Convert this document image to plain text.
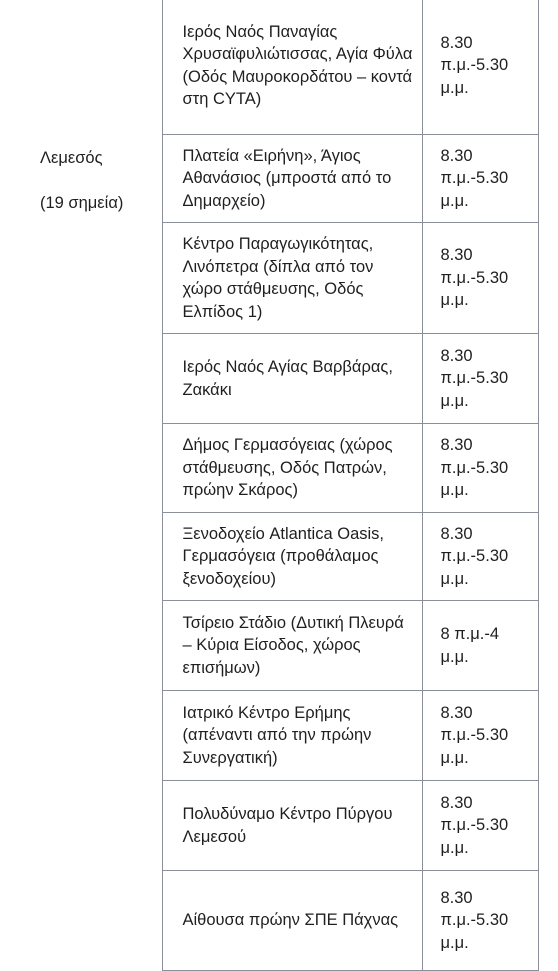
Λεμεσός
(19 σημεία)	Ιερός Ναός Παναγίας Χρυσαϊφυλιώτισσας, Αγία Φύλα (Οδός Μαυροκορδάτου – κοντά στη CYTA)	8.30 π.μ.-5.30 μ.μ.	

	Πλατεία «Ειρήνη», Άγιος Αθανάσιος (μπροστά από το Δημαρχείο)	8.30 π.μ.-5.30 μ.μ.	

	Κέντρο Παραγωγικότητας, Λινόπετρα (δίπλα από τον χώρο στάθμευσης, Οδός Ελπίδος 1)	8.30 π.μ.-5.30 μ.μ.	

	Ιερός Ναός Αγίας Βαρβάρας, Ζακάκι	8.30 π.μ.-5.30 μ.μ.	

	Δήμος Γερμασόγειας (χώρος στάθμευσης, Οδός Πατρών, πρώην Σκάρος)	8.30 π.μ.-5.30 μ.μ.	

	Ξενοδοχείο Atlantica Oasis, Γερμασόγεια (προθάλαμος ξενοδοχείου)	8.30 π.μ.-5.30 μ.μ.	

	Τσίρειο Στάδιο (Δυτική Πλευρά – Κύρια Είσοδος, χώρος επισήμων)	8 π.μ.-4 μ.μ.	

	Ιατρικό Κέντρο Ερήμης (απέναντι από την πρώην Συνεργατική)	8.30 π.μ.-5.30 μ.μ.	

	Πολυδύναμο Κέντρο Πύργου Λεμεσού	8.30 π.μ.-5.30 μ.μ.	

	Αίθουσα πρώην ΣΠΕ Πάχνας	8.30 π.μ.-5.30 μ.μ.	
